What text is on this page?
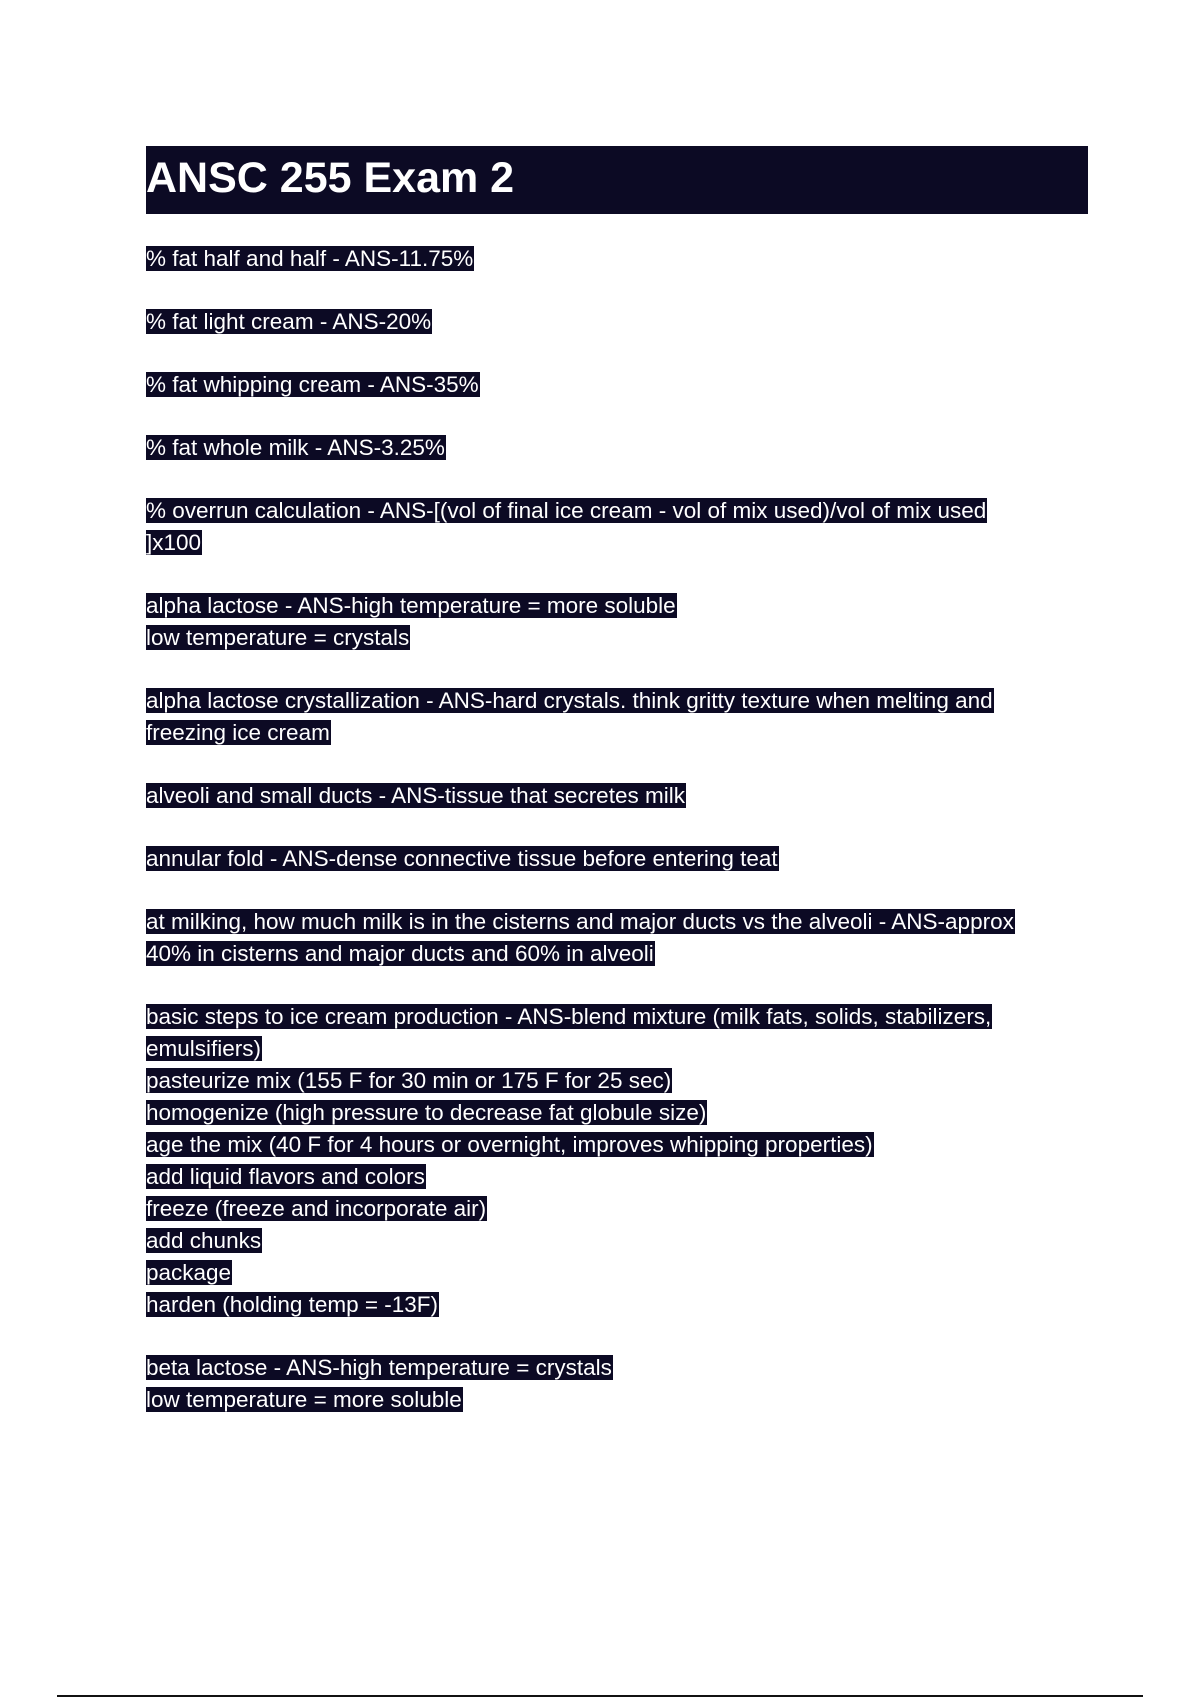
ANSC 255 Exam 2
% fat half and half - ANS-11.75%
% fat light cream - ANS-20%
% fat whipping cream - ANS-35%
% fat whole milk - ANS-3.25%
% overrun calculation - ANS-[(vol of final ice cream - vol of mix used)/vol of mix used
]x100
alpha lactose - ANS-high temperature = more soluble
low temperature = crystals
alpha lactose crystallization - ANS-hard crystals. think gritty texture when melting and
freezing ice cream
alveoli and small ducts - ANS-tissue that secretes milk
annular fold - ANS-dense connective tissue before entering teat
at milking, how much milk is in the cisterns and major ducts vs the alveoli - ANS-approx
40% in cisterns and major ducts and 60% in alveoli
basic steps to ice cream production - ANS-blend mixture (milk fats, solids, stabilizers,
emulsifiers)
pasteurize mix (155 F for 30 min or 175 F for 25 sec)
homogenize (high pressure to decrease fat globule size)
age the mix (40 F for 4 hours or overnight, improves whipping properties)
add liquid flavors and colors
freeze (freeze and incorporate air)
add chunks
package
harden (holding temp = -13F)
beta lactose - ANS-high temperature = crystals
low temperature = more soluble
